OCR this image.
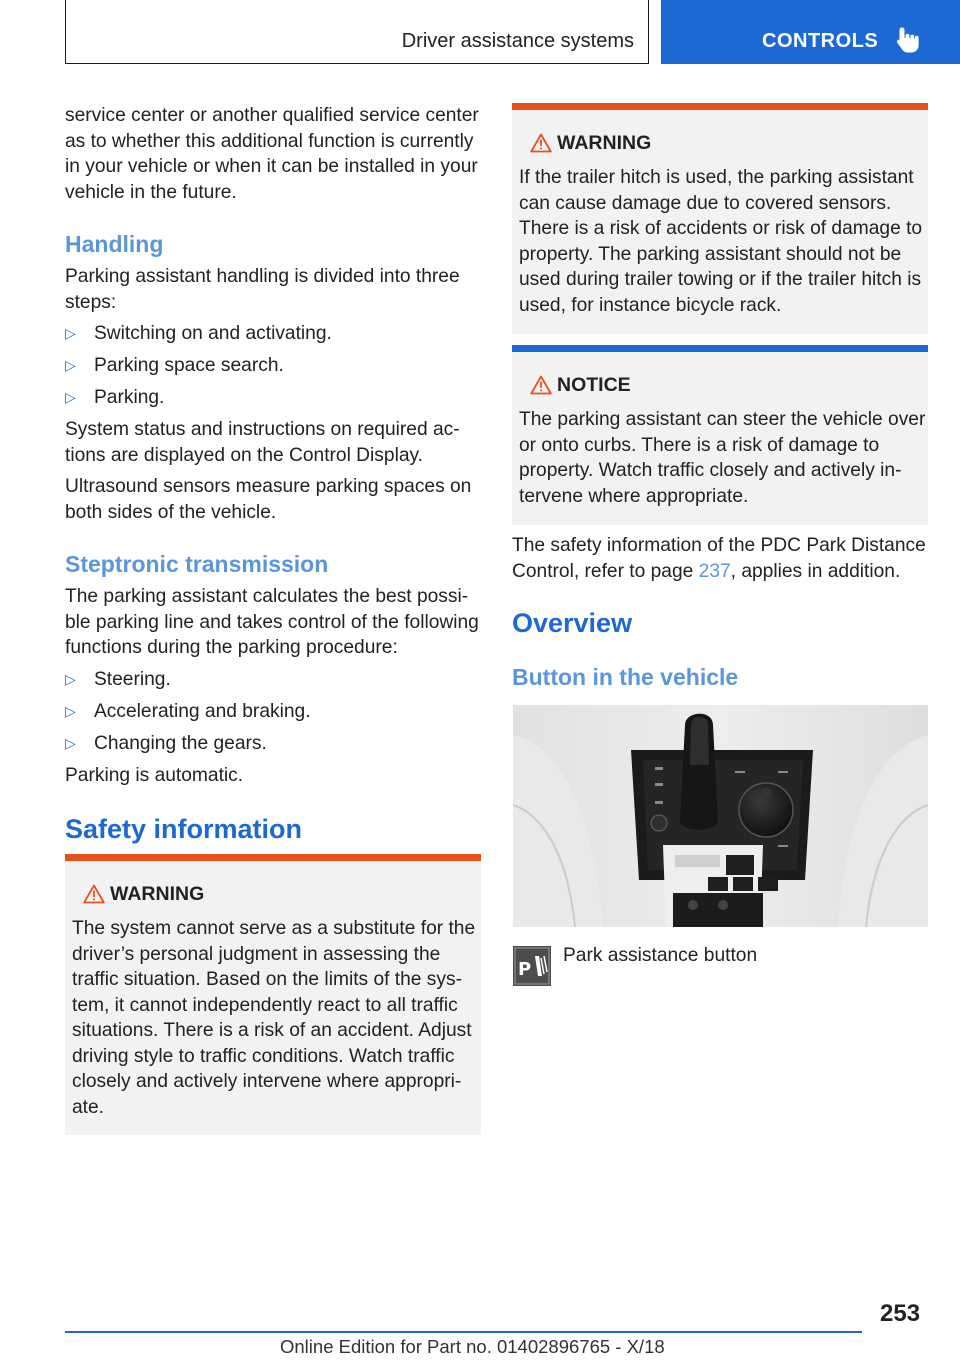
Driver assistance systems	CONTROLS

service center or another qualified service center as to whether this additional function is currently in your vehicle or when it can be installed in your vehicle in the future.

Handling

Parking assistant handling is divided into three steps:

▷ Switching on and activating.
▷ Parking space search.
▷ Parking.

System status and instructions on required ac‐ tions are displayed on the Control Display.

Ultrasound sensors measure parking spaces on both sides of the vehicle.

Steptronic transmission

The parking assistant calculates the best possi‐ ble parking line and takes control of the following functions during the parking procedure:

▷ Steering.
▷ Accelerating and braking.
▷ Changing the gears.

Parking is automatic.

Safety information
WARNING

The system cannot serve as a substitute for the driver’s personal judgment in assessing the traffic situation. Based on the limits of the sys‐ tem, it cannot independently react to all traffic situations. There is a risk of an accident. Adjust driving style to traffic conditions. Watch traffic closely and actively intervene where appropri‐ ate.

WARNING

If the trailer hitch is used, the parking assistant can cause damage due to covered sensors. There is a risk of accidents or risk of damage to property. The parking assistant should not be used during trailer towing or if the trailer hitch is used, for instance bicycle rack.

NOTICE

The parking assistant can steer the vehicle over or onto curbs. There is a risk of damage to property. Watch traffic closely and actively in‐ tervene where appropriate.

The safety information of the PDC Park Distance Control, refer to page 237, applies in addition.

Overview
Button in the vehicle
P
Park assistance button
253
Online Edition for Part no. 01402896765 - X/18
